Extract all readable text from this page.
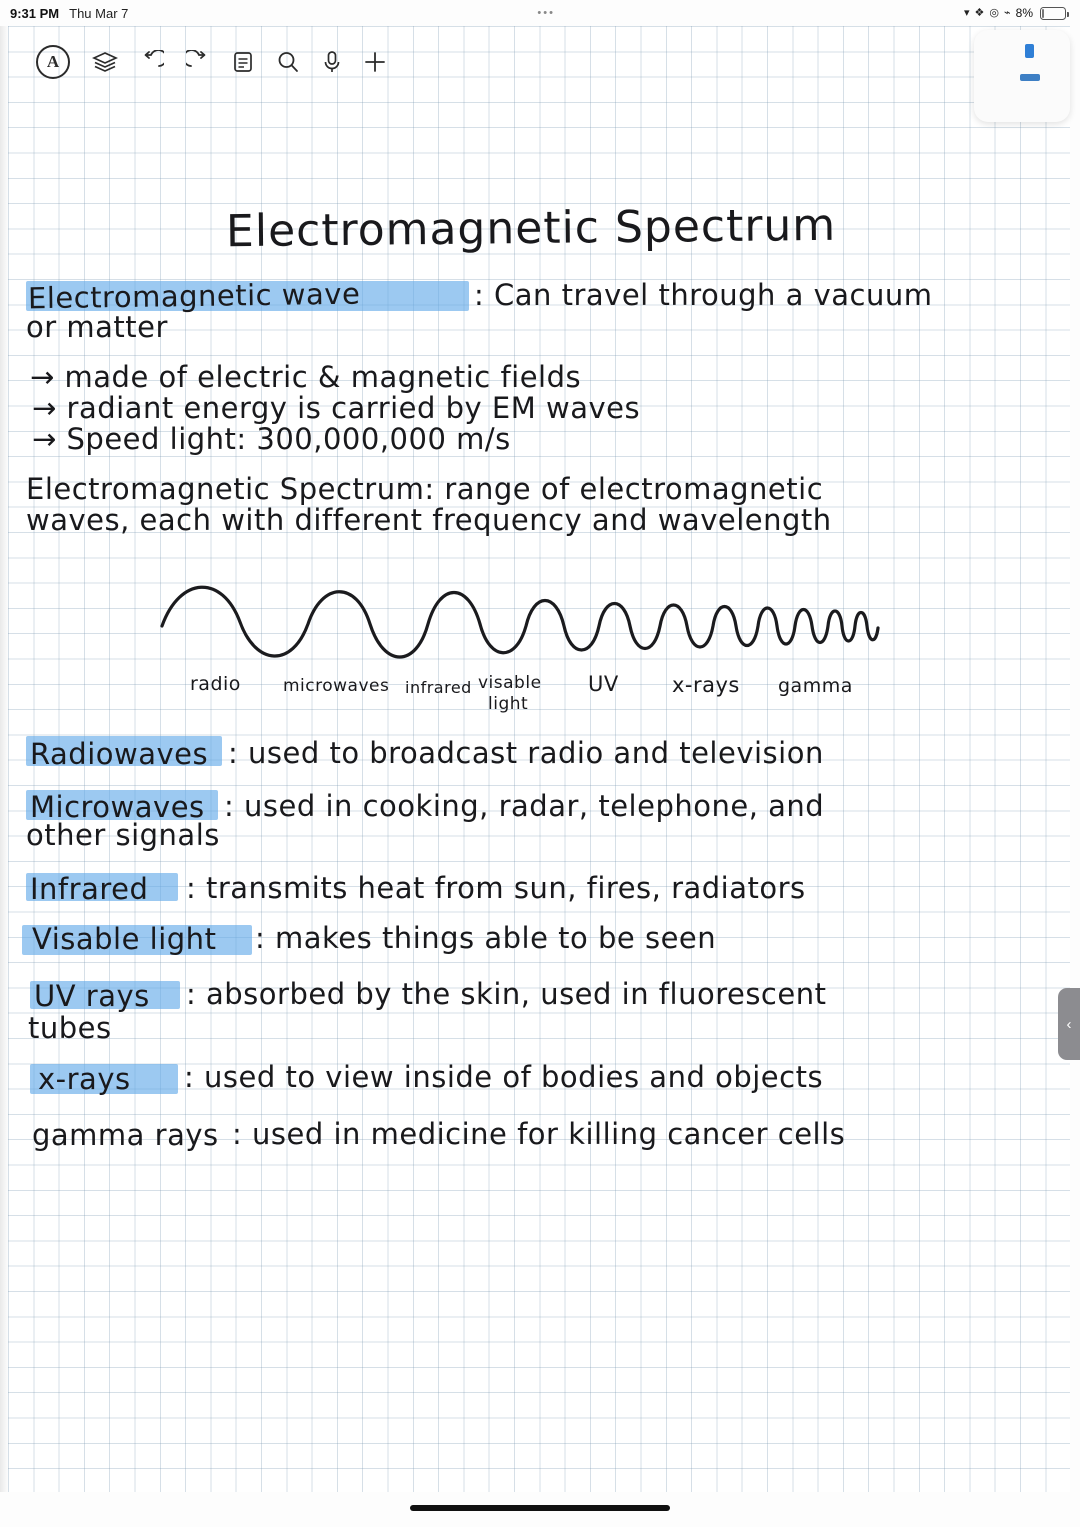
9:31 PM Thu Mar 7	•••	▾ ❖ ◎ ⌁ 8%
A
Electromagnetic Spectrum
Electromagnetic wave	: Can travel through a vacuum
or matter
→ made of electric & magnetic fields
→ radiant energy is carried by EM waves
→ Speed light: 300,000,000 m/s
Electromagnetic Spectrum: range of electromagnetic
waves, each with different frequency and wavelength
radio microwaves infrared visable
light
UV	x-rays gamma
Radiowaves : used to broadcast radio and television
Microwaves : used in cooking, radar, telephone, and
other signals
Infrared : transmits heat from sun, fires, radiators
Visable light : makes things able to be seen
UV rays : absorbed by the skin, used in fluorescent
tubes
x-rays : used to view inside of bodies and objects
gamma rays : used in medicine for killing cancer cells
‹
